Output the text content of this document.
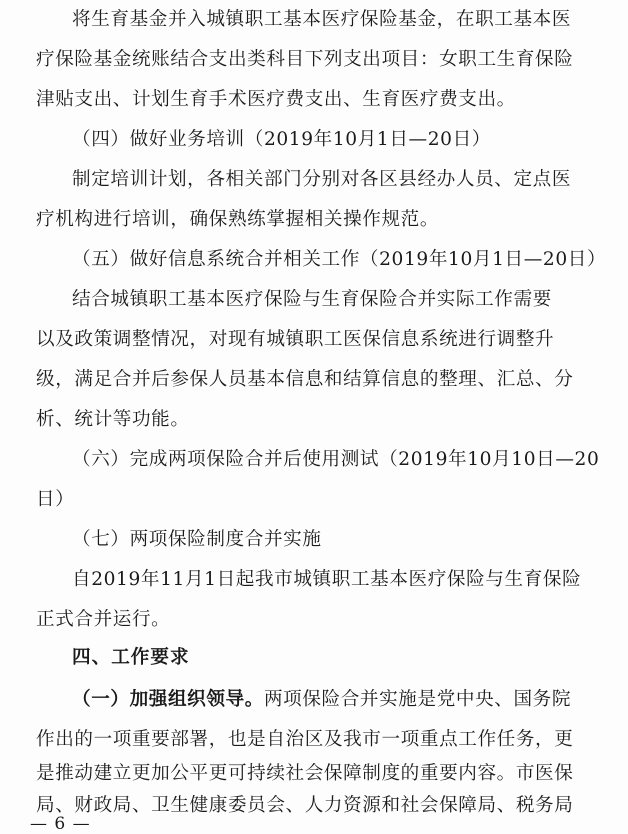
将生育基金并入城镇职工基本医疗保险基金，在职工基本医
疗保险基金统账结合支出类科目下列支出项目：女职工生育保险
津贴支出、计划生育手术医疗费支出、生育医疗费支出。
（四）做好业务培训（2019年10月1日—20日）
制定培训计划，各相关部门分别对各区县经办人员、定点医
疗机构进行培训，确保熟练掌握相关操作规范。
（五）做好信息系统合并相关工作（2019年10月1日—20日）
结合城镇职工基本医疗保险与生育保险合并实际工作需要
以及政策调整情况，对现有城镇职工医保信息系统进行调整升
级，满足合并后参保人员基本信息和结算信息的整理、汇总、分
析、统计等功能。
（六）完成两项保险合并后使用测试（2019年10月10日—20
日）
（七）两项保险制度合并实施
自2019年11月1日起我市城镇职工基本医疗保险与生育保险
正式合并运行。
四、工作要求
（一）加强组织领导。两项保险合并实施是党中央、国务院
作出的一项重要部署，也是自治区及我市一项重点工作任务，更
— 6 —
局、财政局、卫生健康委员会、人力资源和社会保障局、税务局
是推动建立更加公平更可持续社会保障制度的重要内容。市医保
